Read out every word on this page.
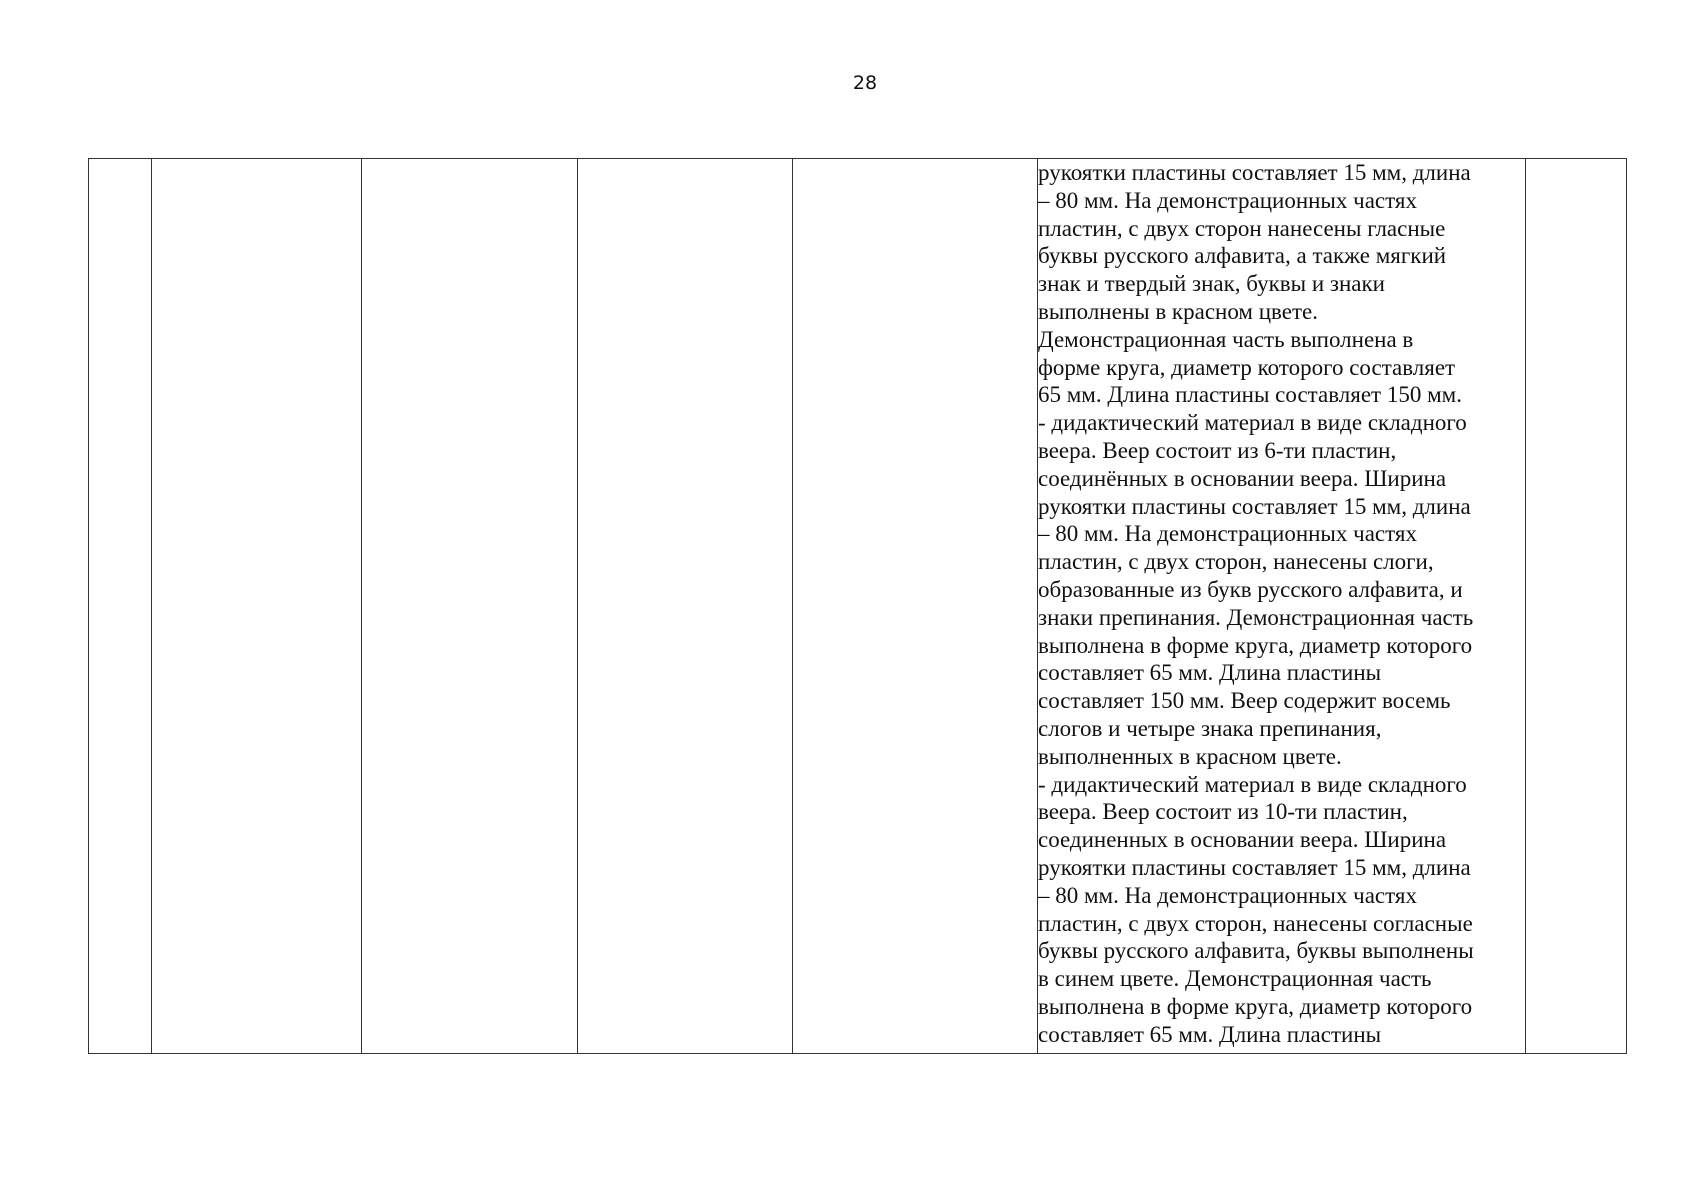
28

рукоятки пластины составляет 15 мм, длина
– 80 мм. На демонстрационных частях
пластин, с двух сторон нанесены гласные
буквы русского алфавита, а также мягкий
знак и твердый знак, буквы и знаки
выполнены в красном цвете.
Демонстрационная часть выполнена в
форме круга, диаметр которого составляет
65 мм. Длина пластины составляет 150 мм.
- дидактический материал в виде складного
веера. Веер состоит из 6-ти пластин,
соединённых в основании веера. Ширина
рукоятки пластины составляет 15 мм, длина
– 80 мм. На демонстрационных частях
пластин, с двух сторон, нанесены слоги,
образованные из букв русского алфавита, и
знаки препинания. Демонстрационная часть
выполнена в форме круга, диаметр которого
составляет 65 мм. Длина пластины
составляет 150 мм. Веер содержит восемь
слогов и четыре знака препинания,
выполненных в красном цвете.
- дидактический материал в виде складного
веера. Веер состоит из 10-ти пластин,
соединенных в основании веера. Ширина
рукоятки пластины составляет 15 мм, длина
– 80 мм. На демонстрационных частях
пластин, с двух сторон, нанесены согласные
буквы русского алфавита, буквы выполнены
в синем цвете. Демонстрационная часть
выполнена в форме круга, диаметр которого
составляет 65 мм. Длина пластины
